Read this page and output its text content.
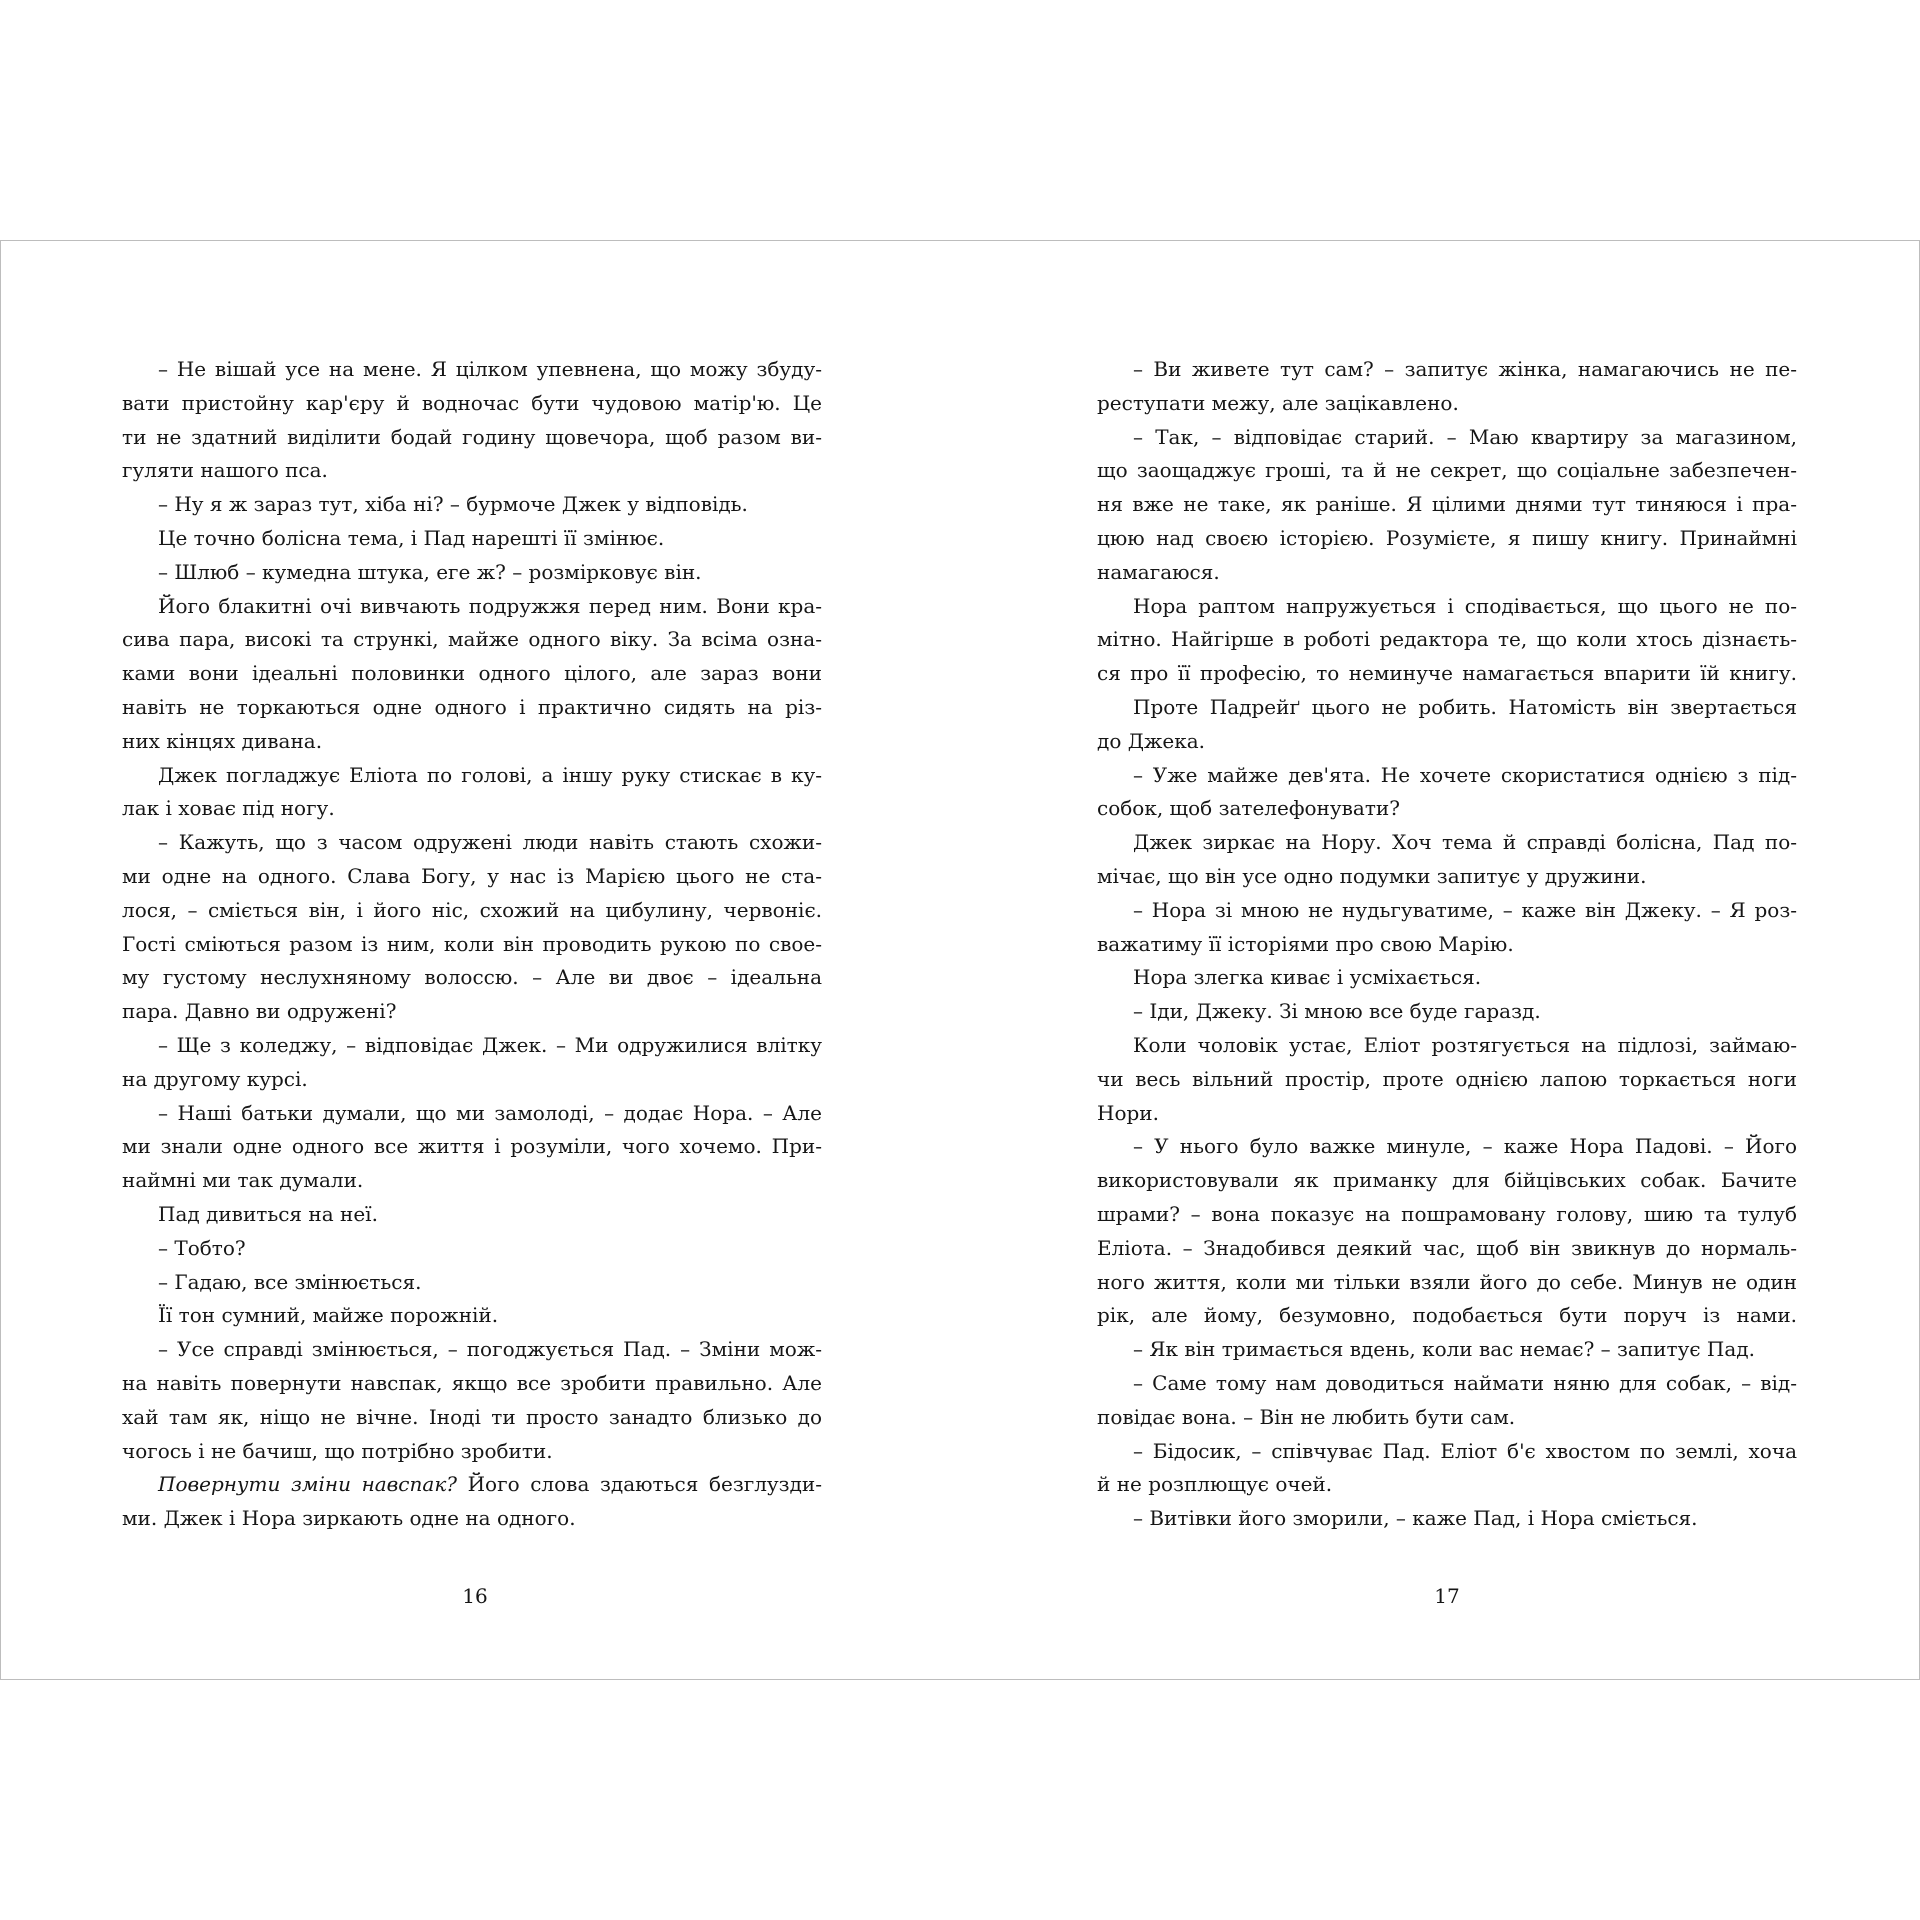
– Не вішай усе на мене. Я цілком упевнена, що можу збуду-
вати пристойну кар'єру й водночас бути чудовою матір'ю. Це
ти не здатний виділити бодай годину щовечора, щоб разом ви-
гуляти нашого пса.
– Ну я ж зараз тут, хіба ні? – бурмоче Джек у відповідь.
Це точно болісна тема, і Пад нарешті її змінює.
– Шлюб – кумедна штука, еге ж? – розмірковує він.
Його блакитні очі вивчають подружжя перед ним. Вони кра-
сива пара, високі та стрункі, майже одного віку. За всіма озна-
ками вони ідеальні половинки одного цілого, але зараз вони
навіть не торкаються одне одного і практично сидять на різ-
них кінцях дивана.
Джек погладжує Еліота по голові, а іншу руку стискає в ку-
лак і ховає під ногу.
– Кажуть, що з часом одружені люди навіть стають схожи-
ми одне на одного. Слава Богу, у нас із Марією цього не ста-
лося, – сміється він, і його ніс, схожий на цибулину, червоніє.
Гості сміються разом із ним, коли він проводить рукою по свое-
му густому неслухняному волоссю. – Але ви двоє – ідеальна
пара. Давно ви одружені?
– Ще з коледжу, – відповідає Джек. – Ми одружилися влітку
на другому курсі.
– Наші батьки думали, що ми замолоді, – додає Нора. – Але
ми знали одне одного все життя і розуміли, чого хочемо. При-
наймні ми так думали.
Пад дивиться на неї.
– Тобто?
– Гадаю, все змінюється.
Її тон сумний, майже порожній.
– Усе справді змінюється, – погоджується Пад. – Зміни мож-
на навіть повернути навспак, якщо все зробити правильно. Але
хай там як, ніщо не вічне. Іноді ти просто занадто близько до
чогось і не бачиш, що потрібно зробити.
Повернути зміни навспак? Його слова здаються безглузди-
ми. Джек і Нора зиркають одне на одного.
16
– Ви живете тут сам? – запитує жінка, намагаючись не пе-
реступати межу, але зацікавлено.
– Так, – відповідає старий. – Маю квартиру за магазином,
що заощаджує гроші, та й не секрет, що соціальне забезпечен-
ня вже не таке, як раніше. Я цілими днями тут тиняюся і пра-
цюю над своєю історією. Розумієте, я пишу книгу. Принаймні
намагаюся.
Нора раптом напружується і сподівається, що цього не по-
мітно. Найгірше в роботі редактора те, що коли хтось дізнаєть-
ся про її професію, то неминуче намагається впарити їй книгу.
Проте Падрейґ цього не робить. Натомість він звертається
до Джека.
– Уже майже дев'ята. Не хочете скористатися однією з під-
собок, щоб зателефонувати?
Джек зиркає на Нору. Хоч тема й справді болісна, Пад по-
мічає, що він усе одно подумки запитує у дружини.
– Нора зі мною не нудьгуватиме, – каже він Джеку. – Я роз-
важатиму її історіями про свою Марію.
Нора злегка киває і усміхається.
– Іди, Джеку. Зі мною все буде гаразд.
Коли чоловік устає, Еліот розтягується на підлозі, займаю-
чи весь вільний простір, проте однією лапою торкається ноги
Нори.
– У нього було важке минуле, – каже Нора Падові. – Його
використовували як приманку для бійцівських собак. Бачите
шрами? – вона показує на пошрамовану голову, шию та тулуб
Еліота. – Знадобився деякий час, щоб він звикнув до нормаль-
ного життя, коли ми тільки взяли його до себе. Минув не один
рік, але йому, безумовно, подобається бути поруч із нами.
– Як він тримається вдень, коли вас немає? – запитує Пад.
– Саме тому нам доводиться наймати няню для собак, – від-
повідає вона. – Він не любить бути сам.
– Бідосик, – співчуває Пад. Еліот б'є хвостом по землі, хоча
й не розплющує очей.
– Витівки його зморили, – каже Пад, і Нора сміється.
17
